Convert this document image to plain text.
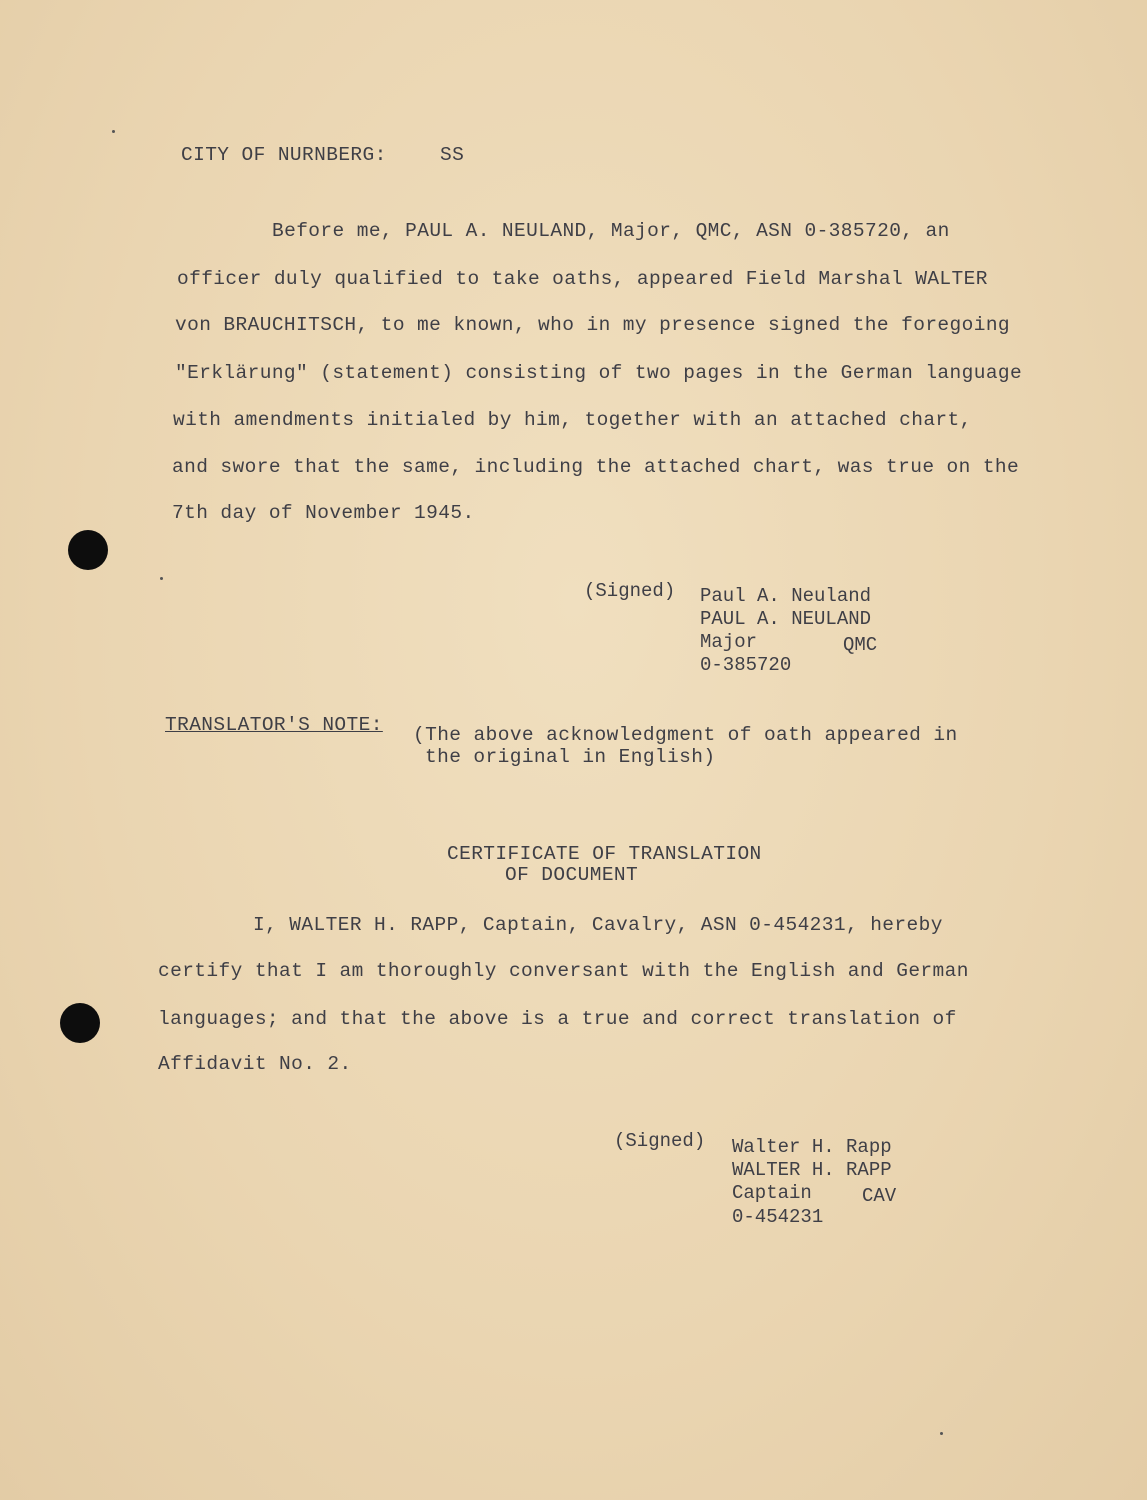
CITY OF NURNBERG:	SS
Before me, PAUL A. NEULAND, Major, QMC, ASN 0-385720, an
officer duly qualified to take oaths, appeared Field Marshal WALTER
von BRAUCHITSCH, to me known, who in my presence signed the foregoing
"Erklärung" (statement) consisting of two pages in the German language
with amendments initialed by him, together with an attached chart,
and swore that the same, including the attached chart, was true on the
7th day of November 1945.
(Signed) Paul A. Neuland
PAUL A. NEULAND
Major	QMC
0-385720
TRANSLATOR'S NOTE: (The above acknowledgment of oath appeared in
the original in English)
CERTIFICATE OF TRANSLATION
OF DOCUMENT
I, WALTER H. RAPP, Captain, Cavalry, ASN 0-454231, hereby
certify that I am thoroughly conversant with the English and German
languages; and that the above is a true and correct translation of
Affidavit No. 2.
(Signed) Walter H. Rapp
WALTER H. RAPP
Captain	CAV
0-454231
